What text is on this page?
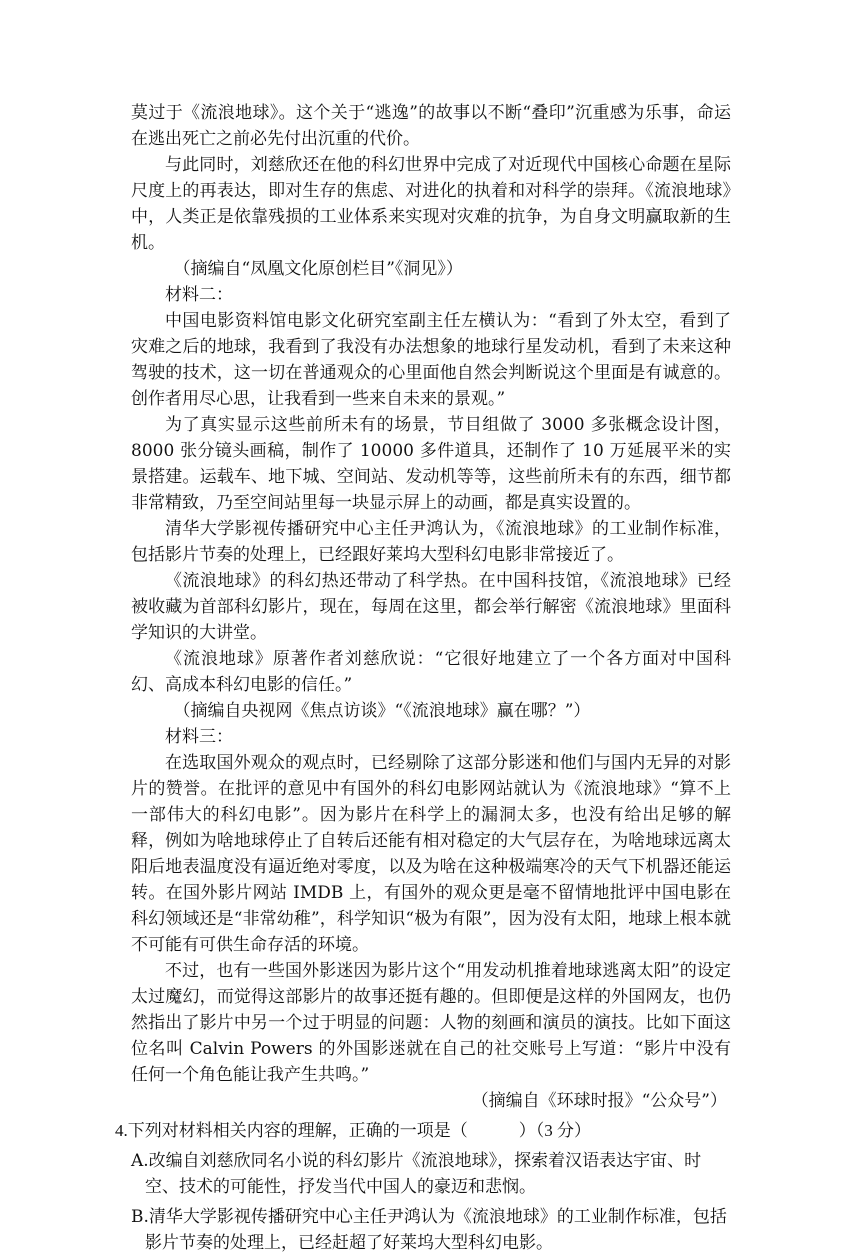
莫过于《流浪地球》。这个关于“逃逸”的故事以不断“叠印”沉重感为乐事，命运在逃出死亡之前必先付出沉重的代价。

与此同时，刘慈欣还在他的科幻世界中完成了对近现代中国核心命题在星际尺度上的再表达，即对生存的焦虑、对进化的执着和对科学的崇拜。《流浪地球》中，人类正是依靠残损的工业体系来实现对灾难的抗争，为自身文明赢取新的生机。

（摘编自“凤凰文化原创栏目”《洞见》）

材料二：

中国电影资料馆电影文化研究室副主任左横认为：“看到了外太空，看到了灾难之后的地球，我看到了我没有办法想象的地球行星发动机，看到了未来这种驾驶的技术，这一切在普通观众的心里面他自然会判断说这个里面是有诚意的。创作者用尽心思，让我看到一些来自未来的景观。”

为了真实显示这些前所未有的场景，节目组做了 3000 多张概念设计图，8000 张分镜头画稿，制作了 10000 多件道具，还制作了 10 万延展平米的实景搭建。运载车、地下城、空间站、发动机等等，这些前所未有的东西，细节都非常精致，乃至空间站里每一块显示屏上的动画，都是真实设置的。

清华大学影视传播研究中心主任尹鸿认为，《流浪地球》的工业制作标准，包括影片节奏的处理上，已经跟好莱坞大型科幻电影非常接近了。

《流浪地球》的科幻热还带动了科学热。在中国科技馆，《流浪地球》已经被收藏为首部科幻影片，现在，每周在这里，都会举行解密《流浪地球》里面科学知识的大讲堂。

《流浪地球》原著作者刘慈欣说：“它很好地建立了一个各方面对中国科幻、高成本科幻电影的信任。”

（摘编自央视网《焦点访谈》“《流浪地球》赢在哪？”）

材料三：

在选取国外观众的观点时，已经剔除了这部分影迷和他们与国内无异的对影片的赞誉。在批评的意见中有国外的科幻电影网站就认为《流浪地球》“算不上一部伟大的科幻电影”。因为影片在科学上的漏洞太多，也没有给出足够的解释，例如为啥地球停止了自转后还能有相对稳定的大气层存在，为啥地球远离太阳后地表温度没有逼近绝对零度，以及为啥在这种极端寒冷的天气下机器还能运转。在国外影片网站 IMDB 上，有国外的观众更是毫不留情地批评中国电影在科幻领域还是“非常幼稚”，科学知识“极为有限”，因为没有太阳，地球上根本就不可能有可供生命存活的环境。

不过，也有一些国外影迷因为影片这个“用发动机推着地球逃离太阳”的设定太过魔幻，而觉得这部影片的故事还挺有趣的。但即便是这样的外国网友，也仍然指出了影片中另一个过于明显的问题：人物的刻画和演员的演技。比如下面这位名叫 Calvin Powers 的外国影迷就在自己的社交账号上写道：“影片中没有任何一个角色能让我产生共鸣。”

（摘编自《环球时报》“公众号”）

4.下列对材料相关内容的理解，正确的一项是（　　　）（3 分）

A.改编自刘慈欣同名小说的科幻影片《流浪地球》，探索着汉语表达宇宙、时空、技术的可能性，抒发当代中国人的豪迈和悲悯。

B.清华大学影视传播研究中心主任尹鸿认为《流浪地球》的工业制作标准，包括影片节奏的处理上，已经赶超了好莱坞大型科幻电影。
